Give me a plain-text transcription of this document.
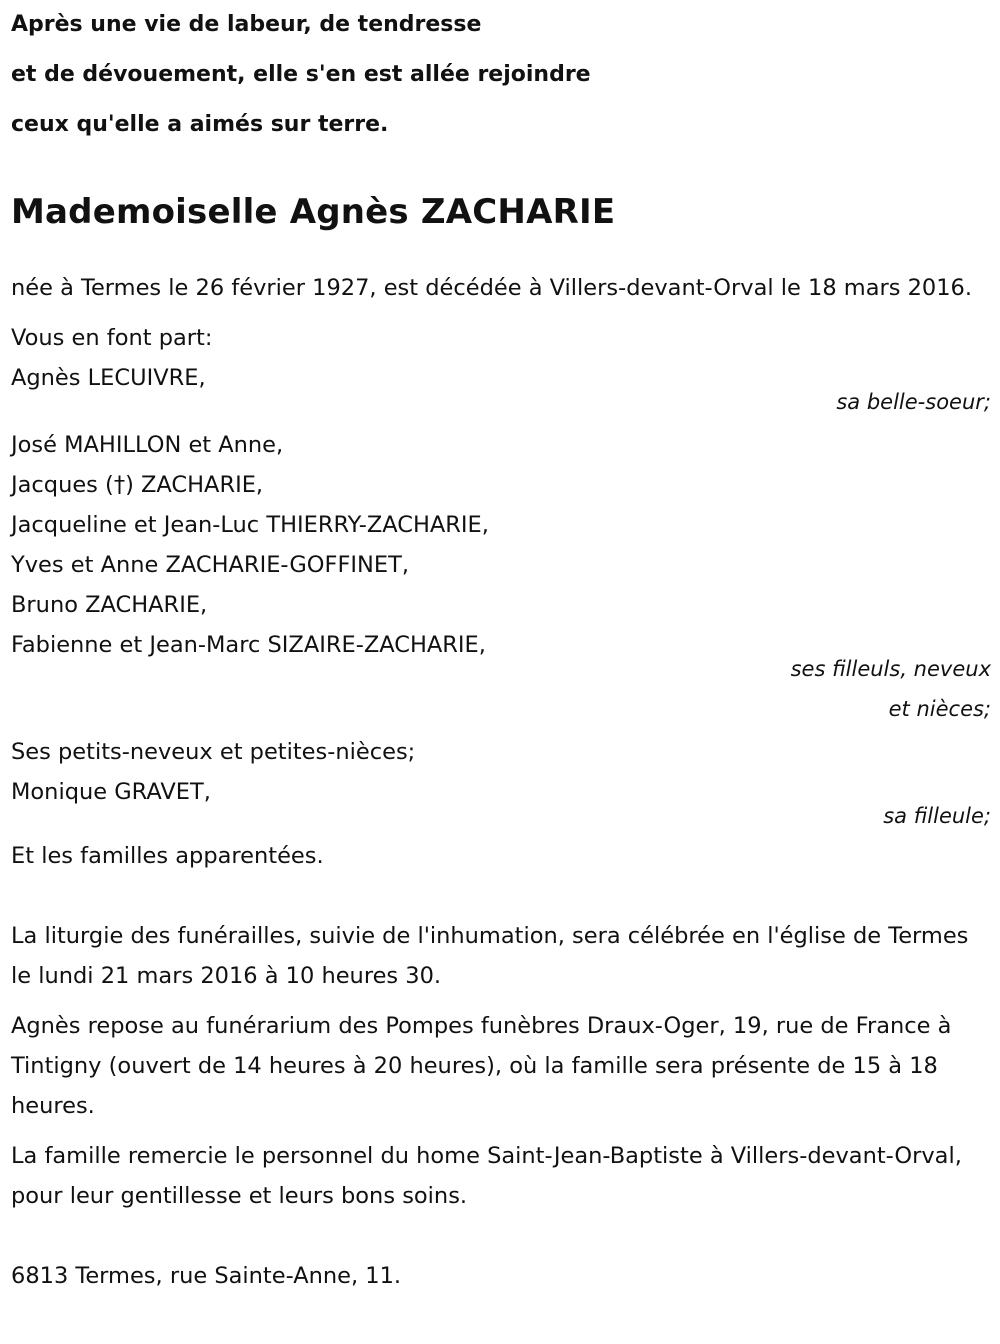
Après une vie de labeur, de tendresse
et de dévouement, elle s'en est allée rejoindre
ceux qu'elle a aimés sur terre.
Mademoiselle Agnès ZACHARIE
née à Termes le 26 février 1927, est décédée à Villers-devant-Orval le 18 mars 2016.
Vous en font part:
Agnès LECUIVRE,
sa belle-soeur;
José MAHILLON et Anne,
Jacques (†) ZACHARIE,
Jacqueline et Jean-Luc THIERRY-ZACHARIE,
Yves et Anne ZACHARIE-GOFFINET,
Bruno ZACHARIE,
Fabienne et Jean-Marc SIZAIRE-ZACHARIE,
ses filleuls, neveux
et nièces;
Ses petits-neveux et petites-nièces;
Monique GRAVET,
sa filleule;
Et les familles apparentées.
La liturgie des funérailles, suivie de l'inhumation, sera célébrée en l'église de Termes le lundi 21 mars 2016 à 10 heures 30.
Agnès repose au funérarium des Pompes funèbres Draux-Oger, 19, rue de France à Tintigny (ouvert de 14 heures à 20 heures), où la famille sera présente de 15 à 18 heures.
La famille remercie le personnel du home Saint-Jean-Baptiste à Villers-devant-Orval, pour leur gentillesse et leurs bons soins.
6813 Termes, rue Sainte-Anne, 11.
